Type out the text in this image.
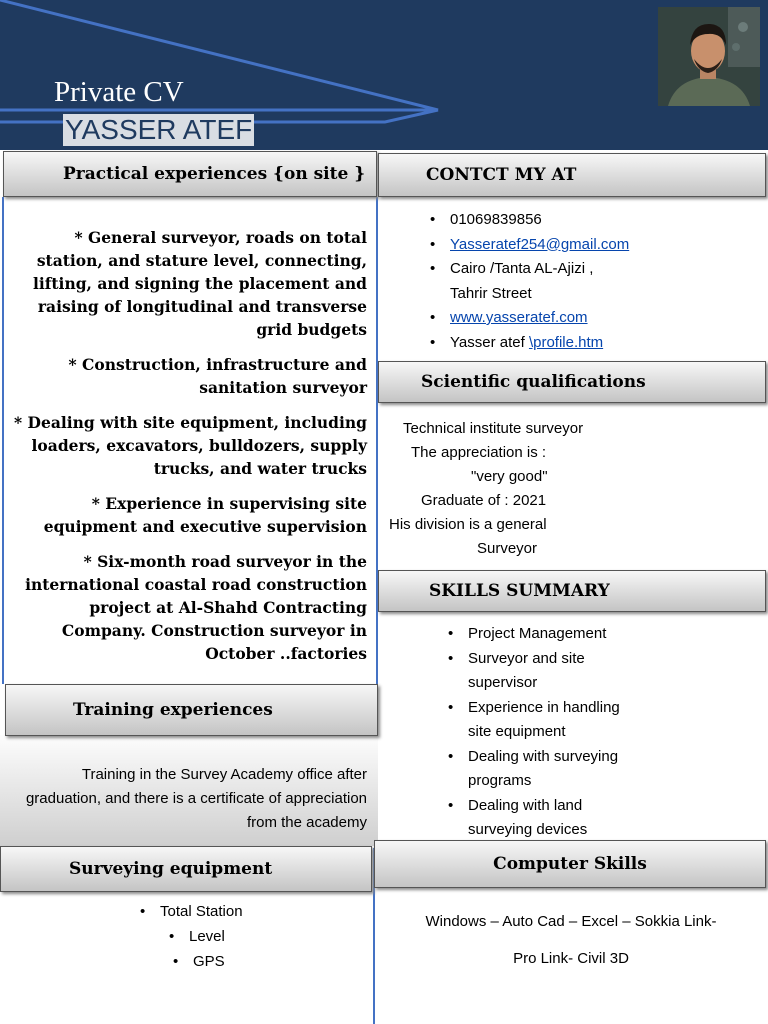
Private CV
YASSER ATEF
Practical experiences {on site }

* General surveyor, roads on total station, and stature level, connecting, lifting, and signing the placement and raising of longitudinal and transverse grid budgets

* Construction, infrastructure and sanitation surveyor

* Dealing with site equipment, including loaders, excavators, bulldozers, supply trucks, and water trucks

* Experience in supervising site equipment and executive supervision

* Six-month road surveyor in the international coastal road construction project at Al-Shahd Contracting Company. Construction surveyor in October ..factories

CONTCT MY AT
• 01069839856
• Yasseratef254@gmail.com
• Cairo /Tanta AL-Ajizi ,
Tahrir Street
• www.yasseratef.com
• Yasser atef \profile.htm
Scientific qualifications
Technical institute surveyor
The appreciation is :
"very good"
Graduate of : 2021
His division is a general
Surveyor
SKILLS SUMMARY
• Project Management
• Surveyor and site
supervisor
• Experience in handling
site equipment
• Dealing with surveying
programs
• Dealing with land
surveying devices
Training experiences
Training in the Survey Academy office after graduation, and there is a certificate of appreciation from the academy
Surveying equipment
• Total Station
• Level
• GPS
Computer Skills
Windows – Auto Cad – Excel – Sokkia Link-
Pro Link- Civil 3D
